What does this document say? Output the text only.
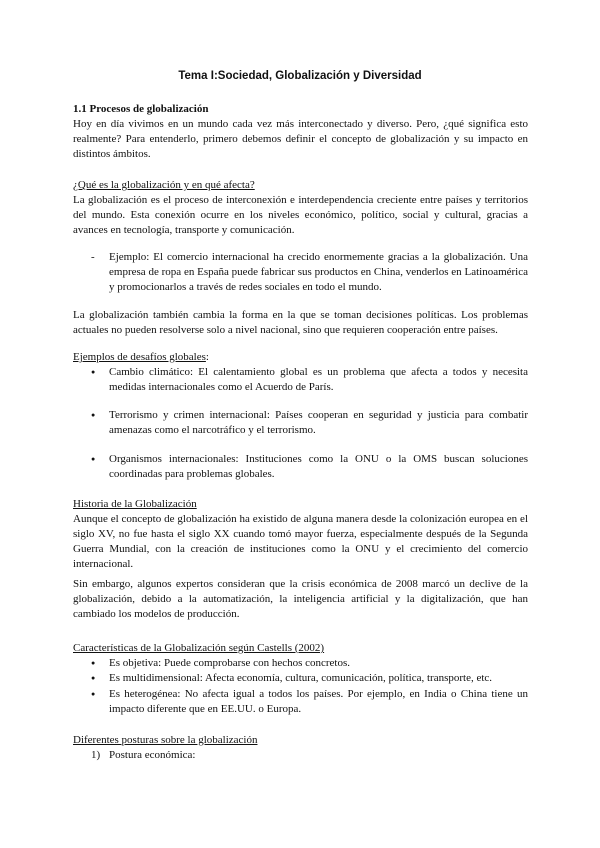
Tema I:Sociedad, Globalización y Diversidad

1.1 Procesos de globalización

Hoy en día vivimos en un mundo cada vez más interconectado y diverso. Pero, ¿qué significa esto realmente? Para entenderlo, primero debemos definir el concepto de globalización y su impacto en distintos ámbitos.

¿Qué es la globalización y en qué afecta?

La globalización es el proceso de interconexión e interdependencia creciente entre países y territorios del mundo. Esta conexión ocurre en los niveles económico, político, social y cultural, gracias a avances en tecnología, transporte y comunicación.

- Ejemplo: El comercio internacional ha crecido enormemente gracias a la globalización. Una empresa de ropa en España puede fabricar sus productos en China, venderlos en Latinoamérica y promocionarlos a través de redes sociales en todo el mundo.

La globalización también cambia la forma en la que se toman decisiones políticas. Los problemas actuales no pueden resolverse solo a nivel nacional, sino que requieren cooperación entre países.

Ejemplos de desafíos globales:

● Cambio climático: El calentamiento global es un problema que afecta a todos y necesita medidas internacionales como el Acuerdo de París.

● Terrorismo y crimen internacional: Países cooperan en seguridad y justicia para combatir amenazas como el narcotráfico y el terrorismo.

● Organismos internacionales: Instituciones como la ONU o la OMS buscan soluciones coordinadas para problemas globales.

Historia de la Globalización

Aunque el concepto de globalización ha existido de alguna manera desde la colonización europea en el siglo XV, no fue hasta el siglo XX cuando tomó mayor fuerza, especialmente después de la Segunda Guerra Mundial, con la creación de instituciones como la ONU y el crecimiento del comercio internacional.

Sin embargo, algunos expertos consideran que la crisis económica de 2008 marcó un declive de la globalización, debido a la automatización, la inteligencia artificial y la digitalización, que han cambiado los modelos de producción.

Características de la Globalización según Castells (2002)

● Es objetiva: Puede comprobarse con hechos concretos.

● Es multidimensional: Afecta economía, cultura, comunicación, política, transporte, etc.

● Es heterogénea: No afecta igual a todos los países. Por ejemplo, en India o China tiene un impacto diferente que en EE.UU. o Europa.

Diferentes posturas sobre la globalización

1) Postura económica:
